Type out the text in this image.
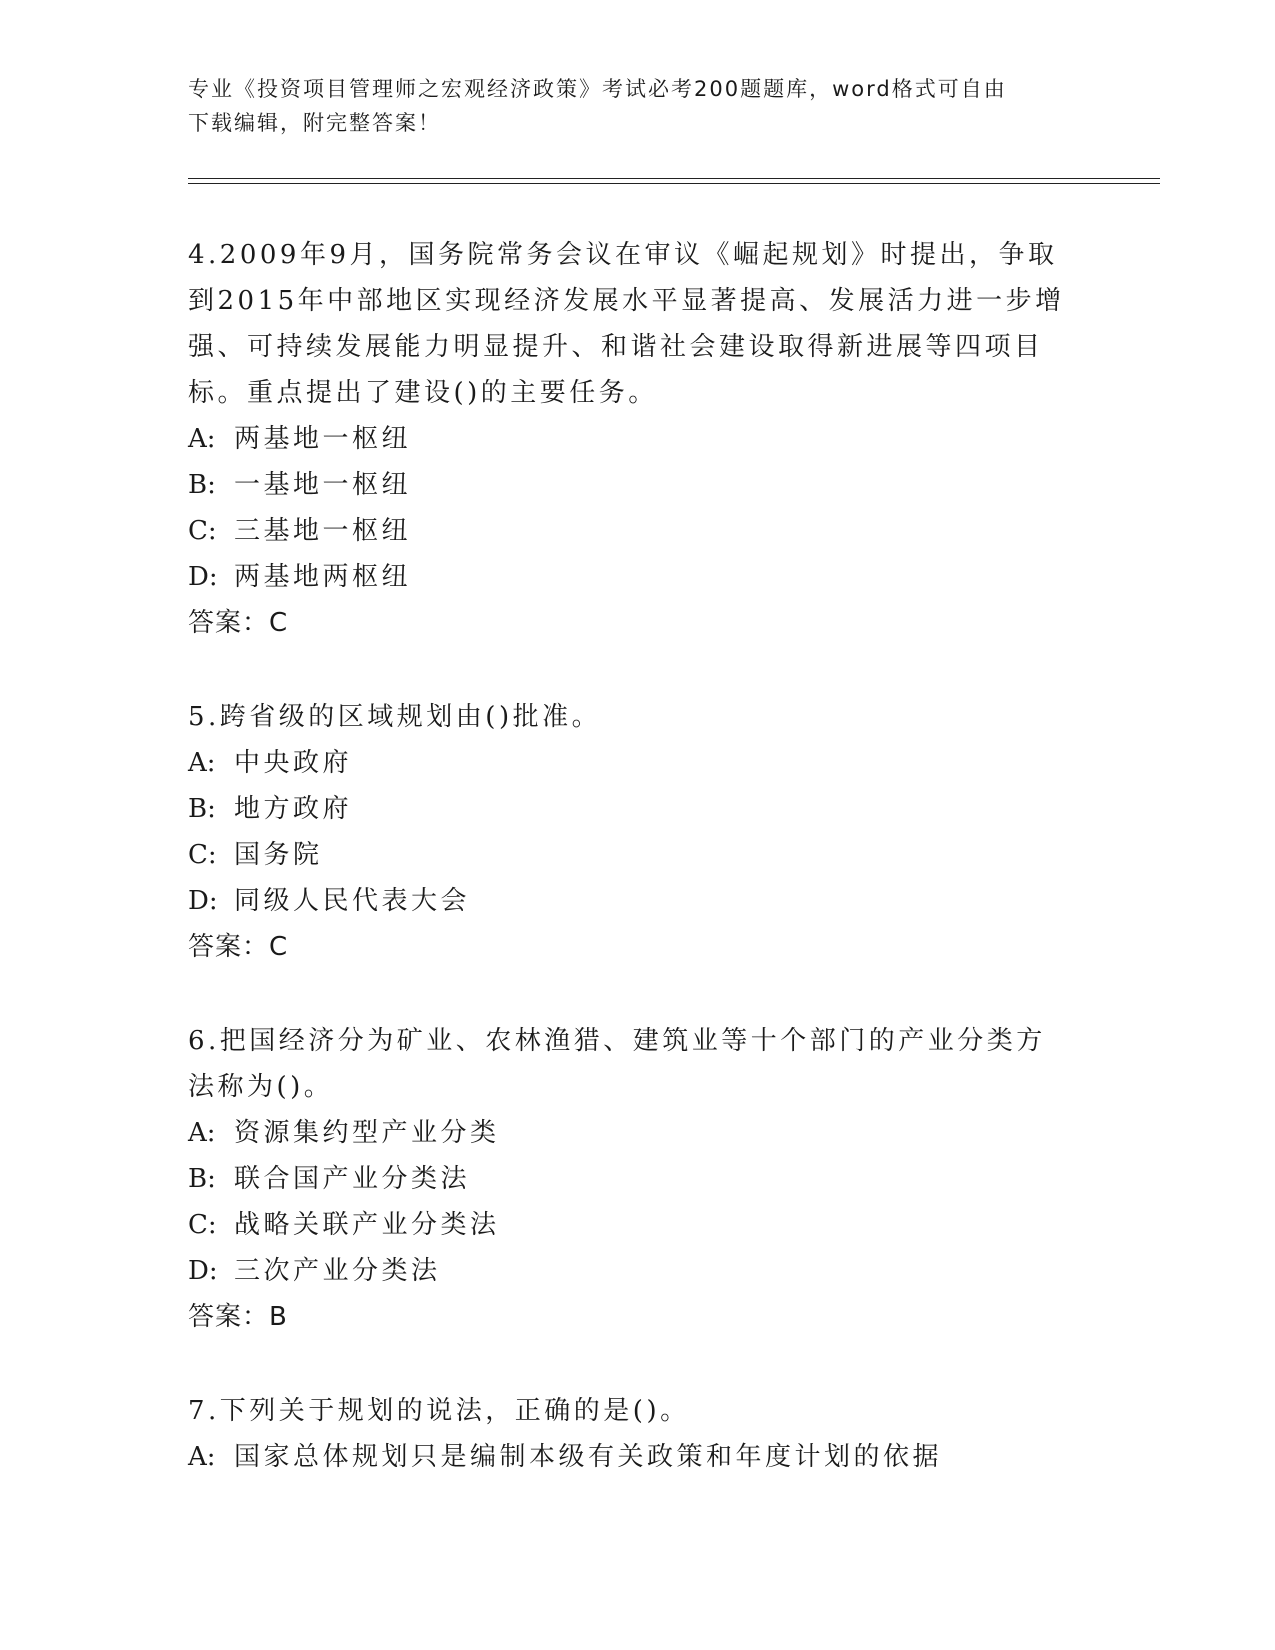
专业《投资项目管理师之宏观经济政策》考试必考200题题库，word格式可自由
下载编辑，附完整答案！
4.2009年9月，国务院常务会议在审议《崛起规划》时提出，争取到2015年中部地区实现经济发展水平显著提高、发展活力进一步增强、可持续发展能力明显提升、和谐社会建设取得新进展等四项目标。重点提出了建设()的主要任务。
A: 两基地一枢纽
B: 一基地一枢纽
C: 三基地一枢纽
D: 两基地两枢纽
答案：C
5.跨省级的区域规划由()批准。
A: 中央政府
B: 地方政府
C: 国务院
D: 同级人民代表大会
答案：C
6.把国经济分为矿业、农林渔猎、建筑业等十个部门的产业分类方法称为()。
A: 资源集约型产业分类
B: 联合国产业分类法
C: 战略关联产业分类法
D: 三次产业分类法
答案：B
7.下列关于规划的说法，正确的是()。
A: 国家总体规划只是编制本级有关政策和年度计划的依据
